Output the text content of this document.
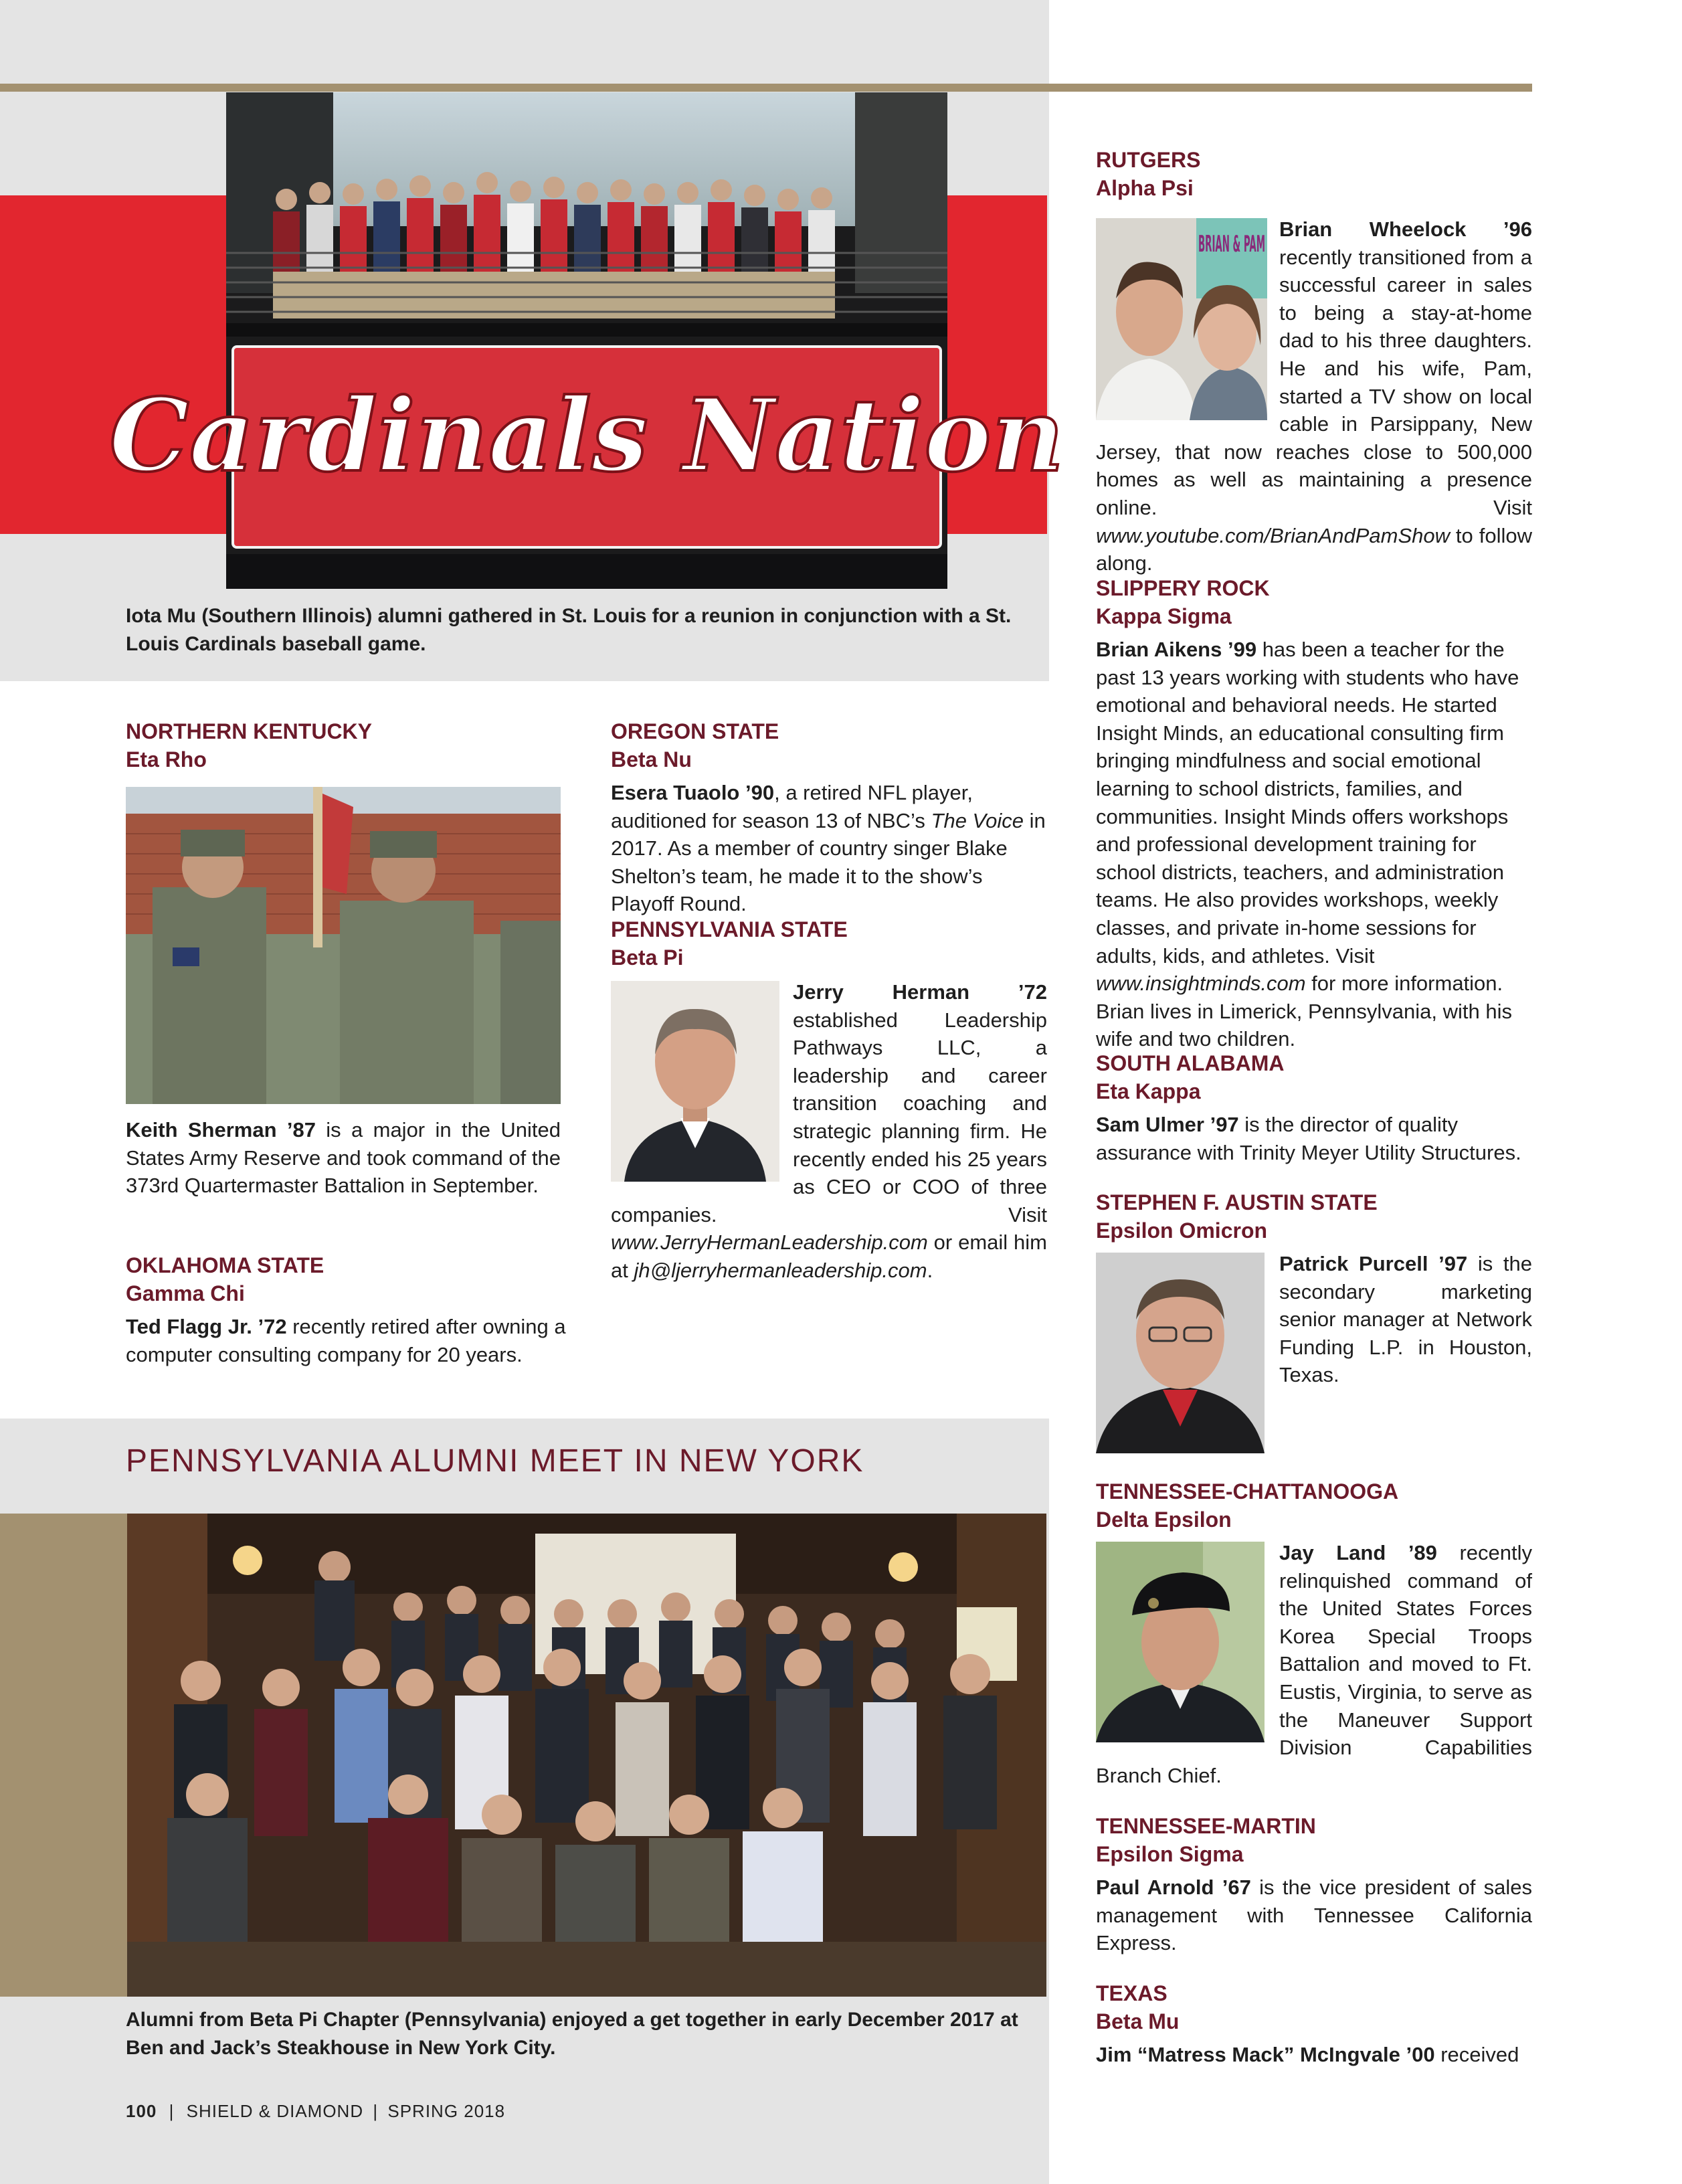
Cardinals Nation
Iota Mu (Southern Illinois) alumni gathered in St. Louis for a reunion in conjunction with a St. Louis Cardinals baseball game.
NORTHERN KENTUCKY
Eta Rho
Keith Sherman ’87 is a major in the United States Army Reserve and took command of the 373rd Quartermaster Battalion in September.
OKLAHOMA STATE
Gamma Chi
Ted Flagg Jr. ’72 recently retired after owning a computer consulting company for 20 years.
OREGON STATE
Beta Nu
Esera Tuaolo ’90, a retired NFL player, auditioned for season 13 of NBC’s The Voice in 2017. As a member of country singer Blake Shelton’s team, he made it to the show’s Playoff Round.
PENNSYLVANIA STATE
Beta Pi
Jerry Herman ’72 established Leadership Pathways LLC, a leadership and career transition coaching and strategic planning firm. He recently ended his 25 years as CEO or COO of three companies. Visit www.JerryHermanLeadership.com or email him at jh@ljerryhermanleadership.com.
PENNSYLVANIA ALUMNI MEET IN NEW YORK
Alumni from Beta Pi Chapter (Pennsylvania) enjoyed a get together in early December 2017 at Ben and Jack’s Steakhouse in New York City.
100 | SHIELD & DIAMOND | SPRING 2018
RUTGERS
Alpha Psi
BRIAN & PAM
Brian Wheelock ’96 recently transitioned from a successful career in sales to being a stay-at-home dad to his three daughters. He and his wife, Pam, started a TV show on local cable in Parsippany, New Jersey, that now reaches close to 500,000 homes as well as maintaining a presence online. Visit www.youtube.com/BrianAndPamShow to follow along.
SLIPPERY ROCK
Kappa Sigma
Brian Aikens ’99 has been a teacher for the past 13 years working with students who have emotional and behavioral needs. He started Insight Minds, an educational consulting firm bringing mindfulness and social emotional learning to school districts, families, and communities. Insight Minds offers workshops and professional development training for school districts, teachers, and administration teams. He also provides workshops, weekly classes, and private in-home sessions for adults, kids, and athletes. Visit www.insightminds.com for more information. Brian lives in Limerick, Pennsylvania, with his wife and two children.
SOUTH ALABAMA
Eta Kappa
Sam Ulmer ’97 is the director of quality assurance with Trinity Meyer Utility Structures.
STEPHEN F. AUSTIN STATE
Epsilon Omicron
Patrick Purcell ’97 is the secondary marketing senior manager at Network Funding L.P. in Houston, Texas.
TENNESSEE-CHATTANOOGA
Delta Epsilon
Jay Land ’89 recently relinquished command of the United States Forces Korea Special Troops Battalion and moved to Ft. Eustis, Virginia, to serve as the Maneuver Support Division Capabilities Branch Chief.
TENNESSEE-MARTIN
Epsilon Sigma
Paul Arnold ’67 is the vice president of sales management with Tennessee California Express.
TEXAS
Beta Mu
Jim “Matress Mack” McIngvale ’00 received
